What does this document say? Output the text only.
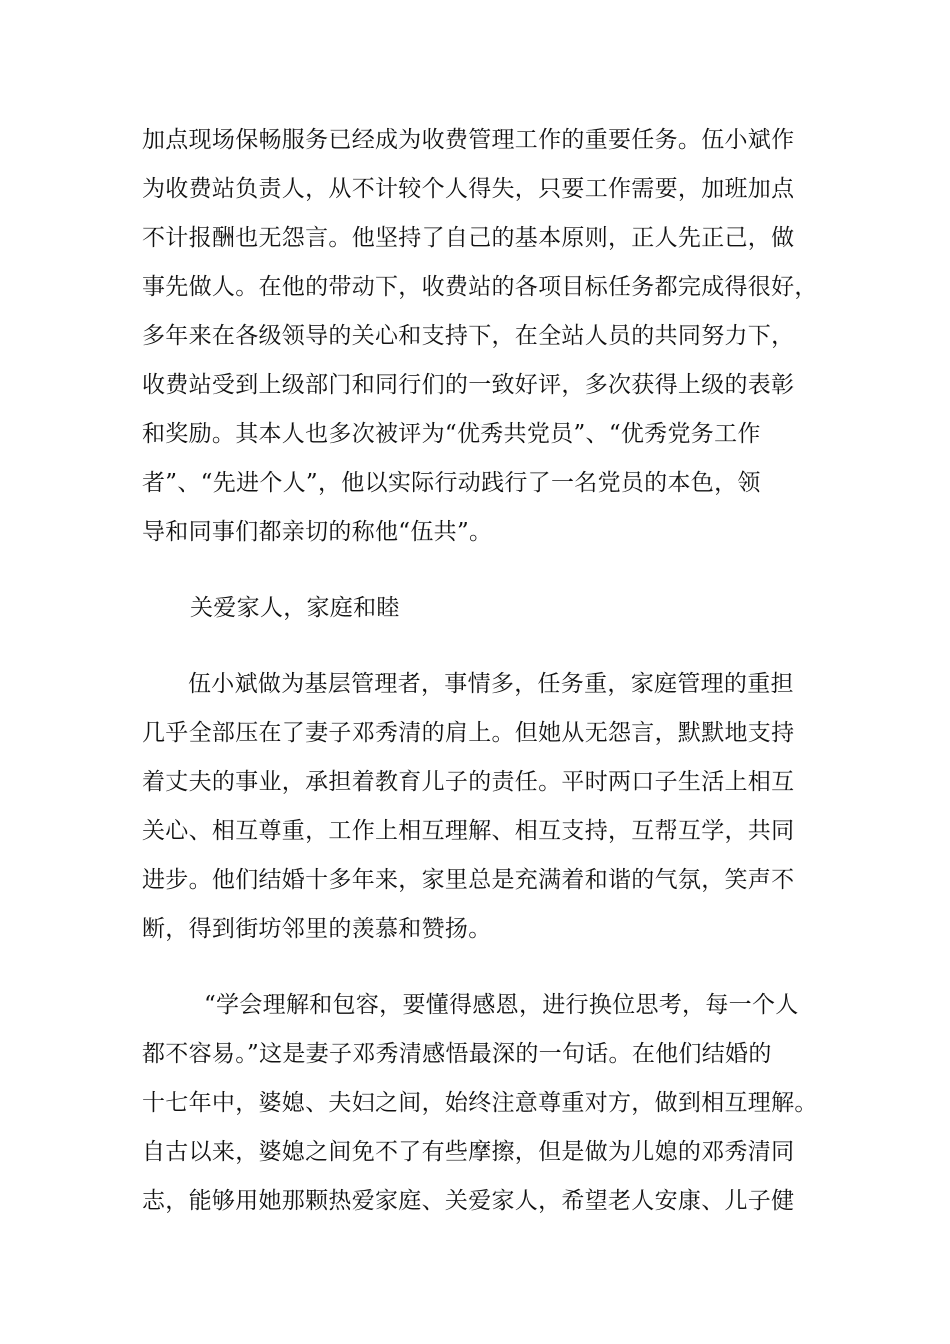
加点现场保畅服务已经成为收费管理工作的重要任务。伍小斌作
为收费站负责人，从不计较个人得失，只要工作需要，加班加点
不计报酬也无怨言。他坚持了自己的基本原则，正人先正己，做
事先做人。在他的带动下，收费站的各项目标任务都完成得很好，
多年来在各级领导的关心和支持下，在全站人员的共同努力下，
收费站受到上级部门和同行们的一致好评，多次获得上级的表彰
和奖励。其本人也多次被评为“优秀共党员”、“优秀党务工作
者”、“先进个人”，他以实际行动践行了一名党员的本色，领
导和同事们都亲切的称他“伍共”。
关爱家人，家庭和睦
伍小斌做为基层管理者，事情多，任务重，家庭管理的重担
几乎全部压在了妻子邓秀清的肩上。但她从无怨言，默默地支持
着丈夫的事业，承担着教育儿子的责任。平时两口子生活上相互
关心、相互尊重，工作上相互理解、相互支持，互帮互学，共同
进步。他们结婚十多年来，家里总是充满着和谐的气氛，笑声不
断，得到街坊邻里的羡慕和赞扬。
“学会理解和包容，要懂得感恩，进行换位思考，每一个人
都不容易。”这是妻子邓秀清感悟最深的一句话。在他们结婚的
十七年中，婆媳、夫妇之间，始终注意尊重对方，做到相互理解。
自古以来，婆媳之间免不了有些摩擦，但是做为儿媳的邓秀清同
志，能够用她那颗热爱家庭、关爱家人，希望老人安康、儿子健
